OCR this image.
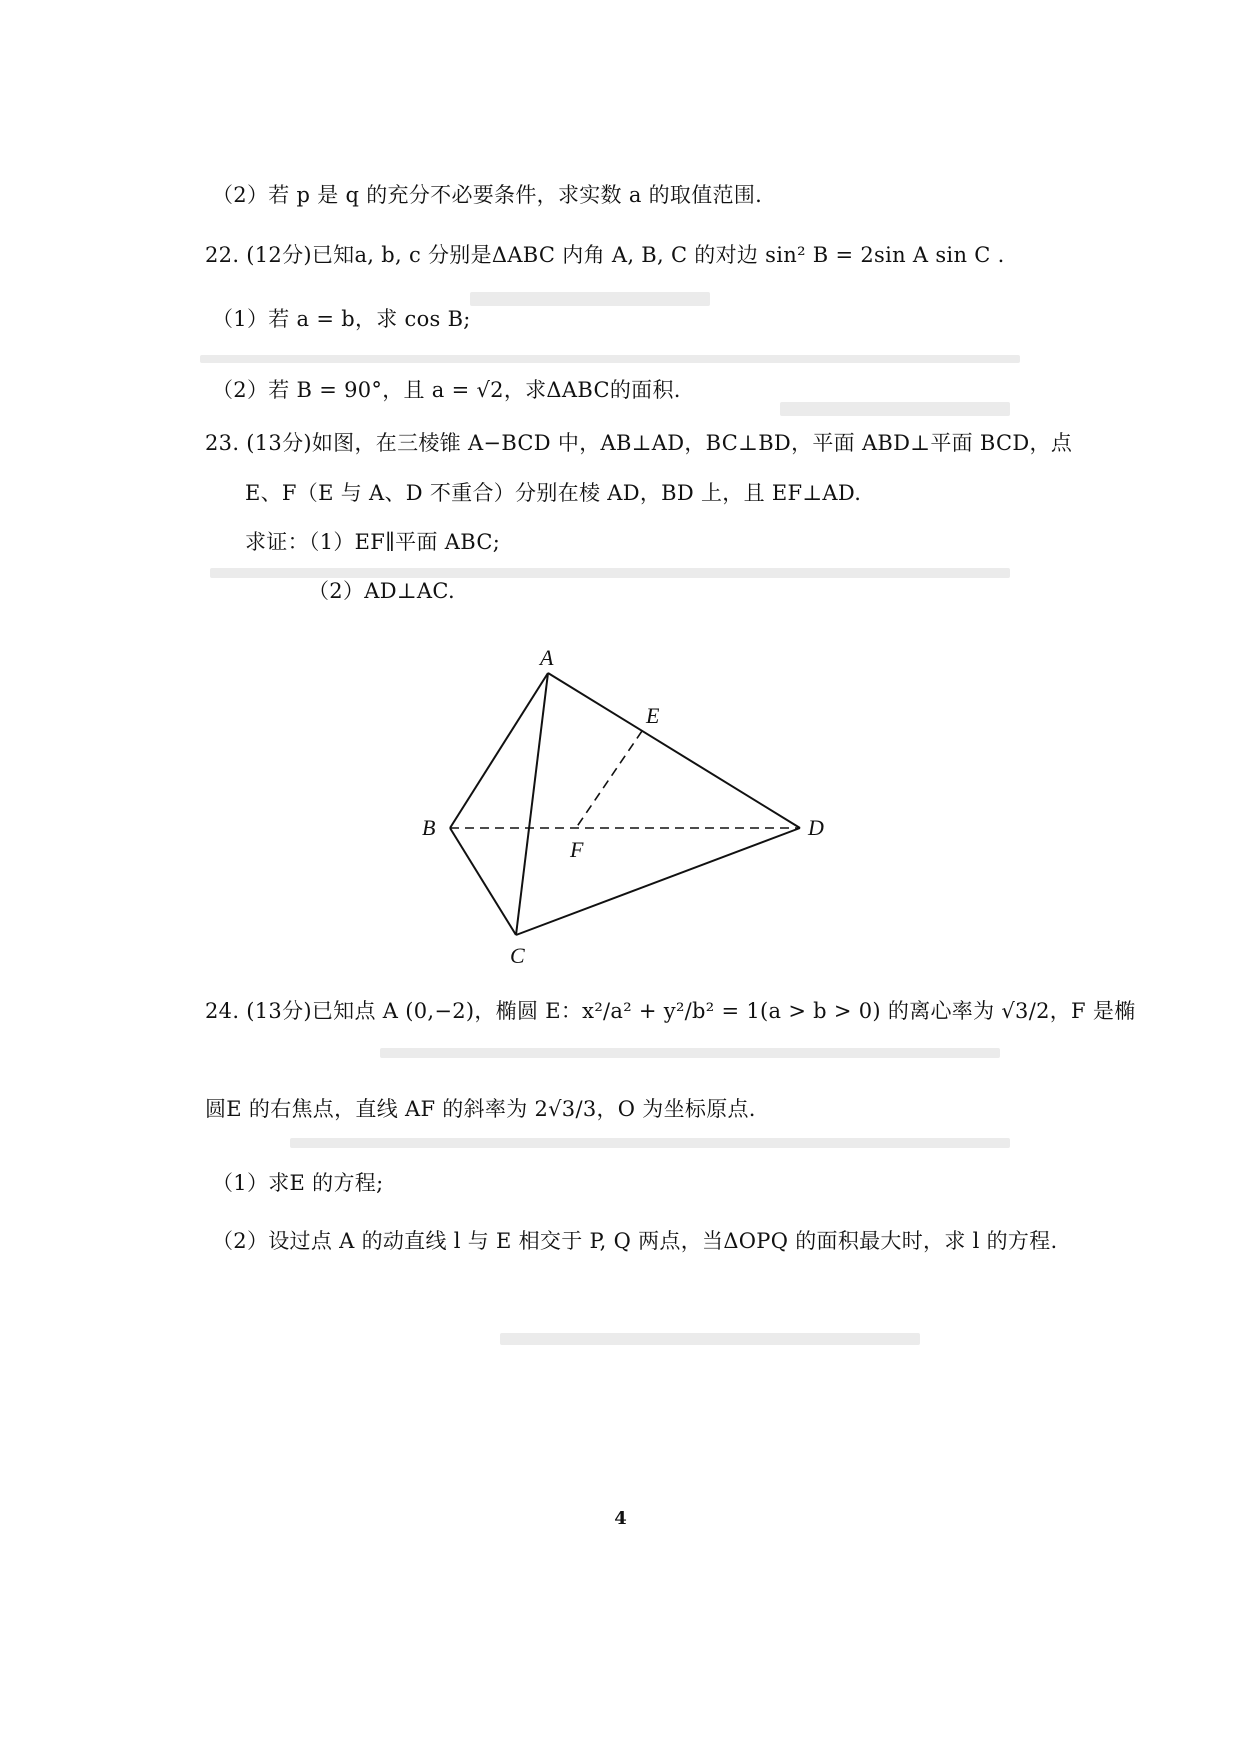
（2）若 p 是 q 的充分不必要条件，求实数 a 的取值范围.
22. (12分)已知a, b, c 分别是ΔABC 内角 A, B, C 的对边 sin² B = 2sin A sin C .
（1）若 a = b，求 cos B;
（2）若 B = 90°，且 a = √2，求ΔABC的面积.
23. (13分)如图，在三棱锥 A−BCD 中，AB⊥AD，BC⊥BD，平面 ABD⊥平面 BCD，点
E、F（E 与 A、D 不重合）分别在棱 AD，BD 上，且 EF⊥AD.
求证：（1）EF∥平面 ABC;
（2）AD⊥AC.
A
B
C
D
E
F
24. (13分)已知点 A (0,−2)，椭圆 E：x²/a² + y²/b² = 1(a > b > 0) 的离心率为 √3/2，F 是椭
圆E 的右焦点，直线 AF 的斜率为 2√3/3，O 为坐标原点.
（1）求E 的方程;
（2）设过点 A 的动直线 l 与 E 相交于 P, Q 两点，当ΔOPQ 的面积最大时，求 l 的方程.
4
